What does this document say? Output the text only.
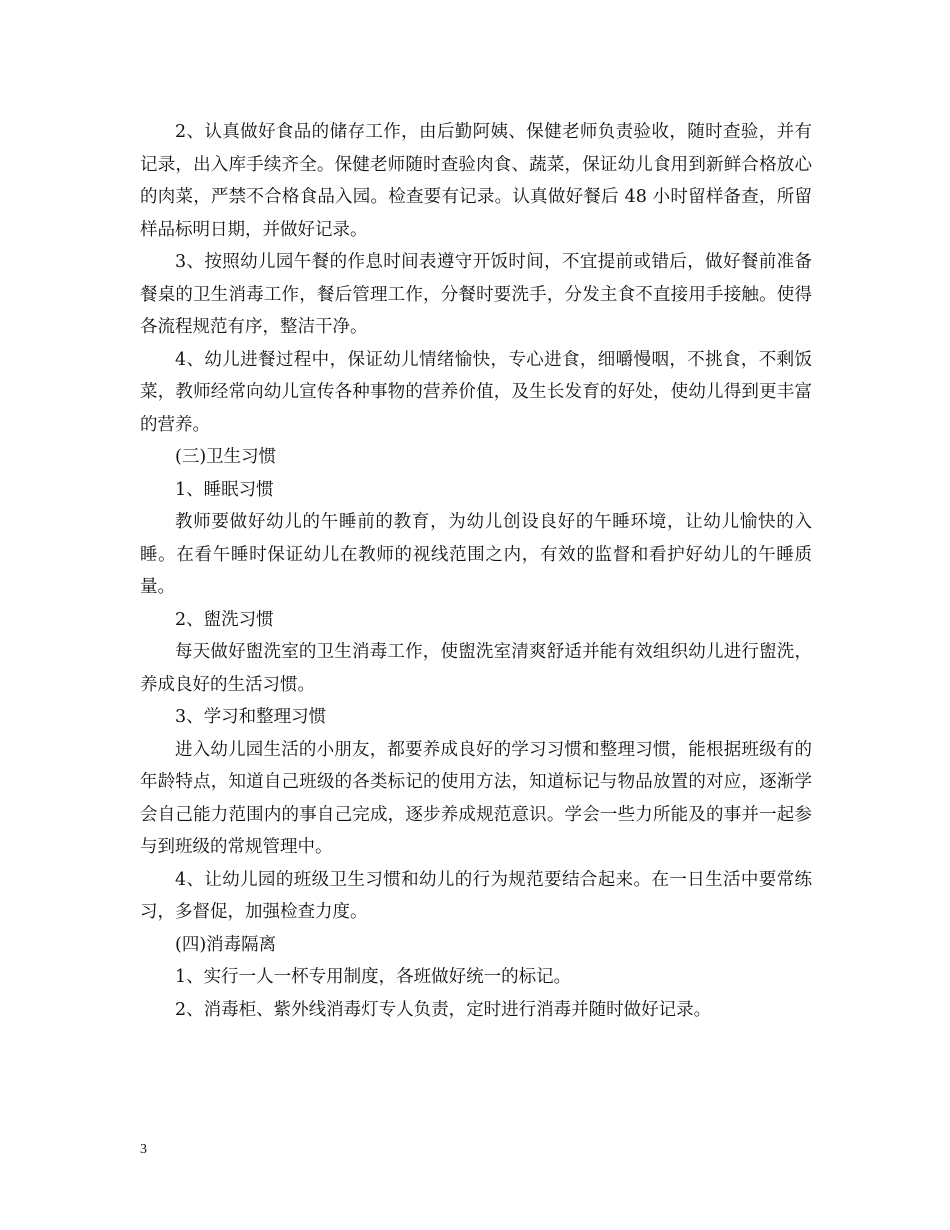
2、认真做好食品的储存工作，由后勤阿姨、保健老师负责验收，随时查验，并有记录，出入库手续齐全。保健老师随时查验肉食、蔬菜，保证幼儿食用到新鲜合格放心的肉菜，严禁不合格食品入园。检查要有记录。认真做好餐后 48 小时留样备查，所留样品标明日期，并做好记录。

3、按照幼儿园午餐的作息时间表遵守开饭时间，不宜提前或错后，做好餐前准备餐桌的卫生消毒工作，餐后管理工作，分餐时要洗手，分发主食不直接用手接触。使得各流程规范有序，整洁干净。

4、幼儿进餐过程中，保证幼儿情绪愉快，专心进食，细嚼慢咽，不挑食，不剩饭菜，教师经常向幼儿宣传各种事物的营养价值，及生长发育的好处，使幼儿得到更丰富的营养。

(三)卫生习惯

1、睡眠习惯

教师要做好幼儿的午睡前的教育，为幼儿创设良好的午睡环境，让幼儿愉快的入睡。在看午睡时保证幼儿在教师的视线范围之内，有效的监督和看护好幼儿的午睡质量。

2、盥洗习惯

每天做好盥洗室的卫生消毒工作，使盥洗室清爽舒适并能有效组织幼儿进行盥洗，养成良好的生活习惯。

3、学习和整理习惯

进入幼儿园生活的小朋友，都要养成良好的学习习惯和整理习惯，能根据班级有的年龄特点，知道自己班级的各类标记的使用方法，知道标记与物品放置的对应，逐渐学会自己能力范围内的事自己完成，逐步养成规范意识。学会一些力所能及的事并一起参与到班级的常规管理中。

4、让幼儿园的班级卫生习惯和幼儿的行为规范要结合起来。在一日生活中要常练习，多督促，加强检查力度。

(四)消毒隔离

1、实行一人一杯专用制度，各班做好统一的标记。

2、消毒柜、紫外线消毒灯专人负责，定时进行消毒并随时做好记录。

3
